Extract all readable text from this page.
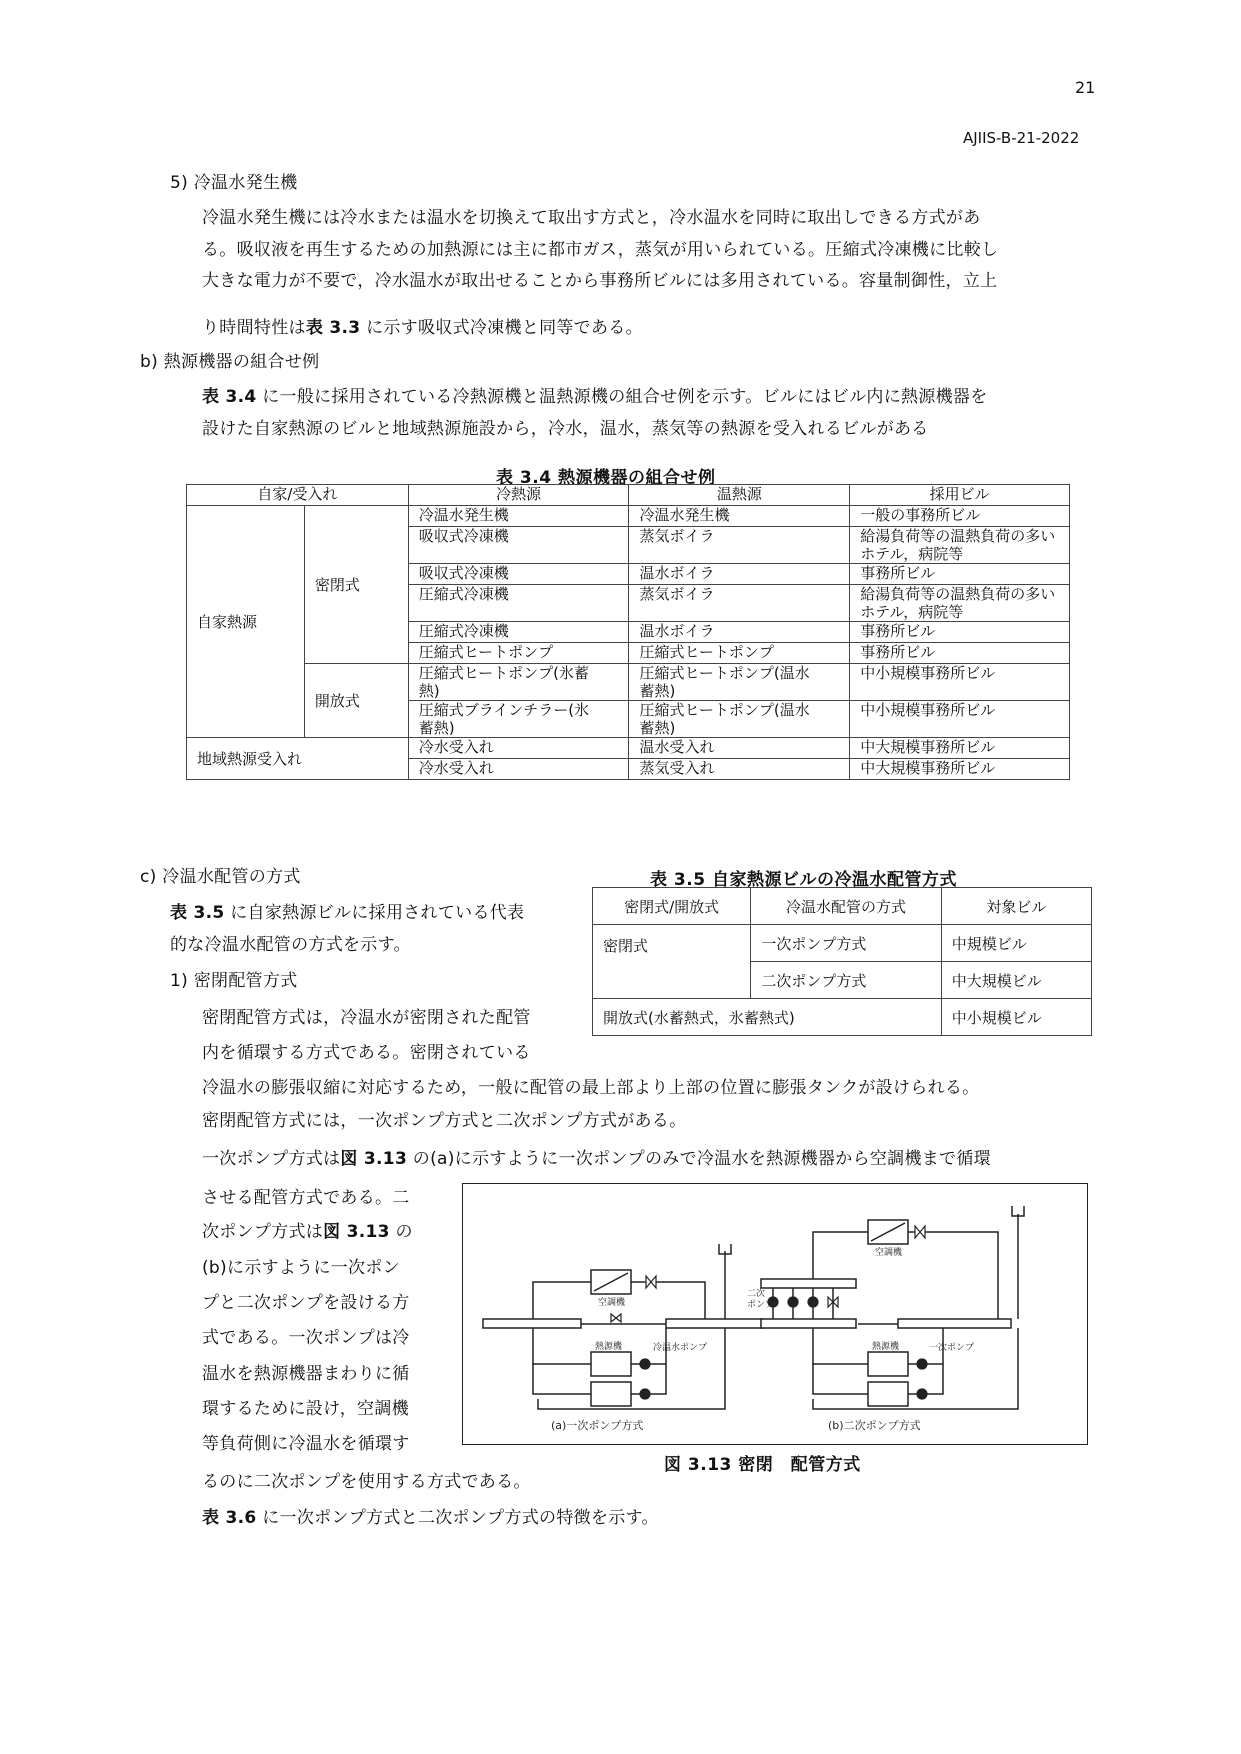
21
AJIIS-B-21-2022
5) 冷温水発生機
冷温水発生機には冷水または温水を切換えて取出す方式と，冷水温水を同時に取出しできる方式があ
る。吸収液を再生するための加熱源には主に都市ガス，蒸気が用いられている。圧縮式冷凍機に比較し
大きな電力が不要で，冷水温水が取出せることから事務所ビルには多用されている。容量制御性，立上
り時間特性は表 3.3 に示す吸収式冷凍機と同等である。
b) 熱源機器の組合せ例
表 3.4 に一般に採用されている冷熱源機と温熱源機の組合せ例を示す。ビルにはビル内に熱源機器を
設けた自家熱源のビルと地域熱源施設から，冷水，温水，蒸気等の熱源を受入れるビルがある
表 3.4 熱源機器の組合せ例
自家/受入れ		冷熱源	温熱源	採用ビル
自家熱源	密閉式	冷温水発生機	冷温水発生機	一般の事務所ビル
		吸収式冷凍機	蒸気ボイラ	給湯負荷等の温熱負荷の多い
ホテル，病院等
		吸収式冷凍機	温水ボイラ	事務所ビル
		圧縮式冷凍機	蒸気ボイラ	給湯負荷等の温熱負荷の多い
ホテル，病院等
		圧縮式冷凍機	温水ボイラ	事務所ビル
		圧縮式ヒートポンプ	圧縮式ヒートポンプ	事務所ビル
	開放式	圧縮式ヒートポンプ(氷蓄
熱)	圧縮式ヒートポンプ(温水
蓄熱)	中小規模事務所ビル
		圧縮式ブラインチラー(氷
蓄熱)	圧縮式ヒートポンプ(温水
蓄熱)	中小規模事務所ビル
地域熱源受入れ		冷水受入れ	温水受入れ	中大規模事務所ビル
		冷水受入れ	蒸気受入れ	中大規模事務所ビル
c) 冷温水配管の方式
表 3.5 に自家熱源ビルに採用されている代表
的な冷温水配管の方式を示す。
1) 密閉配管方式
密閉配管方式は，冷温水が密閉された配管
内を循環する方式である。密閉されている
冷温水の膨張収縮に対応するため，一般に配管の最上部より上部の位置に膨張タンクが設けられる。
密閉配管方式には，一次ポンプ方式と二次ポンプ方式がある。
一次ポンプ方式は図 3.13 の(a)に示すように一次ポンプのみで冷温水を熱源機器から空調機まで循環
させる配管方式である。二
次ポンプ方式は図 3.13 の
(b)に示すように一次ポン
プと二次ポンプを設ける方
式である。一次ポンプは冷
温水を熱源機器まわりに循
環するために設け，空調機
等負荷側に冷温水を循環す
るのに二次ポンプを使用する方式である。
表 3.6 に一次ポンプ方式と二次ポンプ方式の特徴を示す。
表 3.5 自家熱源ビルの冷温水配管方式
密閉式/開放式	冷温水配管の方式	対象ビル
密閉式	一次ポンプ方式	中規模ビル
	二次ポンプ方式	中大規模ビル
開放式(水蓄熱式，氷蓄熱式)		中小規模ビル
空調機
熱源機	冷温水ポンプ
空調機
熱源機	一次ポンプ
二次
ポンプ
(a)一次ポンプ方式	(b)二次ポンプ方式
図 3.13 密閉　配管方式
